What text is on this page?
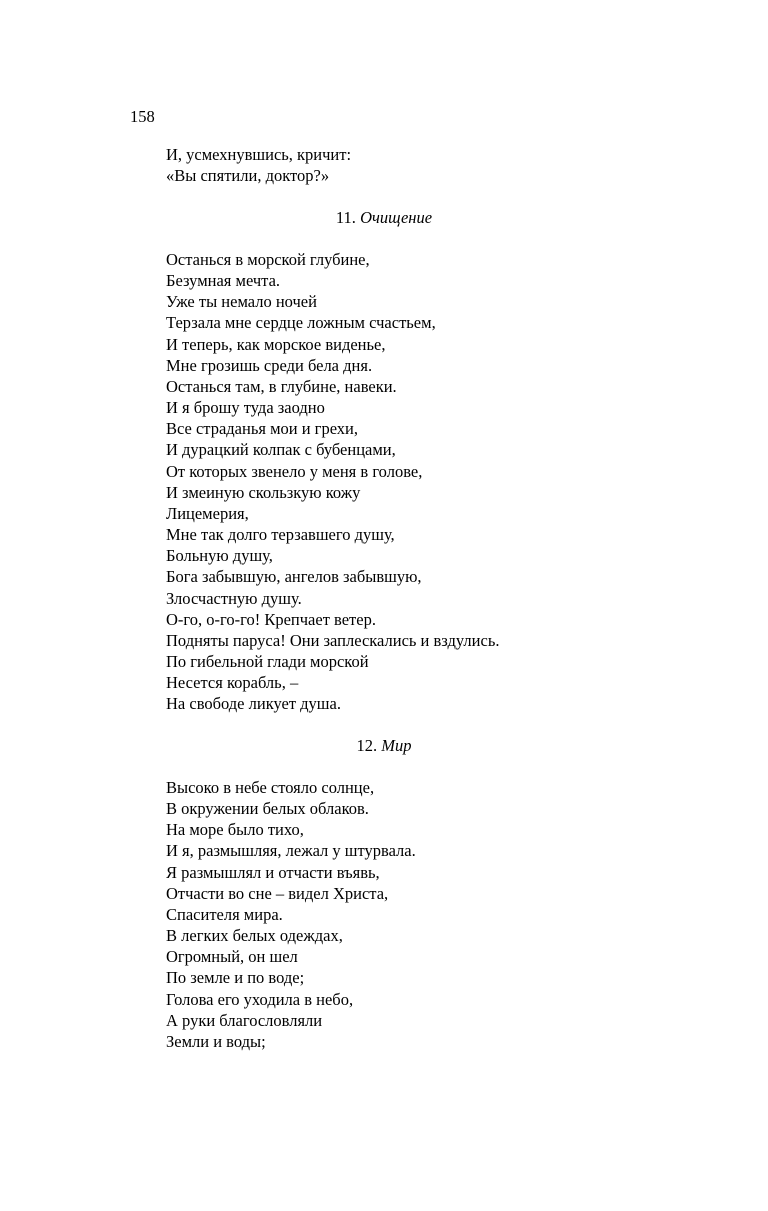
158
И, усмехнувшись, кричит:
«Вы спятили, доктор?»
11. Очищение
Останься в морской глубине,
Безумная мечта.
Уже ты немало ночей
Терзала мне сердце ложным счастьем,
И теперь, как морское виденье,
Мне грозишь среди бела дня.
Останься там, в глубине, навеки.
И я брошу туда заодно
Все страданья мои и грехи,
И дурацкий колпак с бубенцами,
От которых звенело у меня в голове,
И змеиную скользкую кожу
Лицемерия,
Мне так долго терзавшего душу,
Больную душу,
Бога забывшую, ангелов забывшую,
Злосчастную душу.
О-го, о-го-го! Крепчает ветер.
Подняты паруса! Они заплескались и вздулись.
По гибельной глади морской
Несется корабль, –
На свободе ликует душа.
12. Мир
Высоко в небе стояло солнце,
В окружении белых облаков.
На море было тихо,
И я, размышляя, лежал у штурвала.
Я размышлял и отчасти въявь,
Отчасти во сне – видел Христа,
Спасителя мира.
В легких белых одеждах,
Огромный, он шел
По земле и по воде;
Голова его уходила в небо,
А руки благословляли
Земли и воды;
